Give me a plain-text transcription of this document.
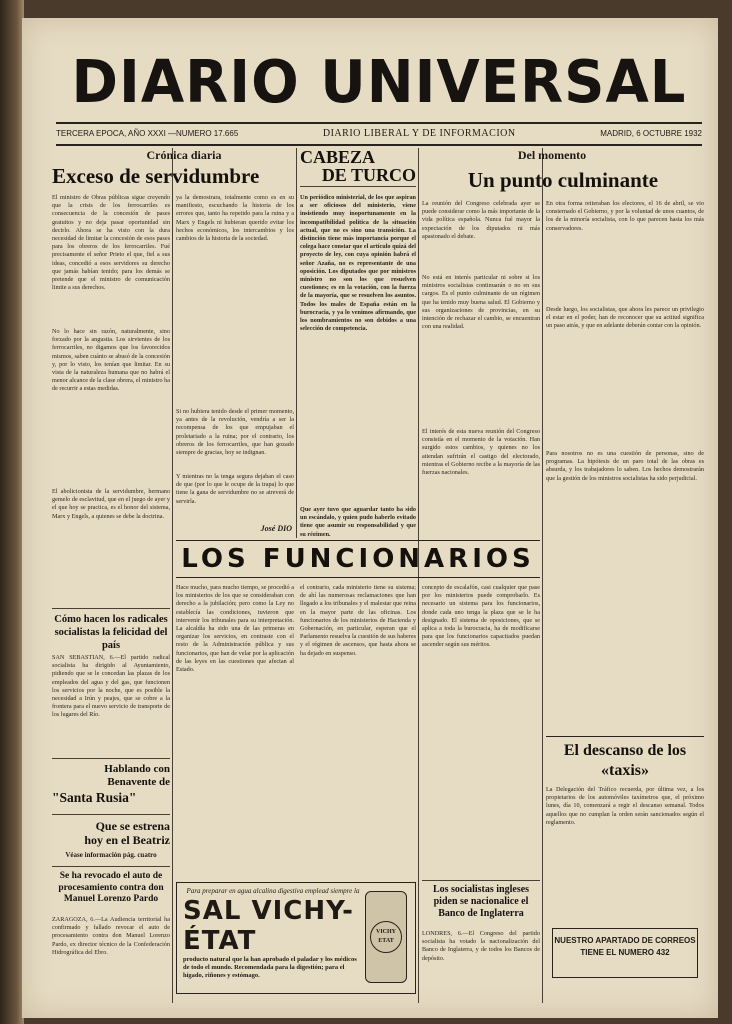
DIARIO UNIVERSAL
TERCERA EPOCA, AÑO XXXI —NUMERO 17.665	DIARIO LIBERAL Y DE INFORMACION	MADRID, 6 OCTUBRE 1932
Crónica diaria
Exceso de servidumbre
El ministro de Obras públicas sigue creyendo que la crisis de los ferrocarriles es consecuencia de la concesión de pases gratuitos y no deja pasar oportunidad sin decirlo. Ahora se ha visto con la dura necesidad de limitar la concesión de esos pases para los obreros de los ferrocarriles. Fué precisamente el señor Prieto el que, fiel a sus ideas, concedió a esos servidores su derecho que jamás habían tenido; para los demás se pretende que el ministro de comunicación limite a sus derechos.
No lo hace sin razón, naturalmente, sino forzado por la angustia. Los sirvientes de los ferrocarriles, no digamos que los favorecidos mismos, saben cuánto se abusó de la concesión y, por lo visto, los tenían que limitar. En su vista de la naturaleza humana que no habrá el menor alcance de la clase obrera, el ministro ha de recurrir a estas medidas.
El abolicionista de la servidumbre, hermano gemelo de esclavitud, que en el juego de ayer y el que hoy se practica, es el honor del sistema, Marx y Engels, a quienes se debe la doctrina.
Cómo hacen los radicales socialistas la felicidad del país
SAN SEBASTIAN, 6.—El partido radical socialista ha dirigido al Ayuntamiento, pidiendo que se le concedan las plazas de los empleados del agua y del gas, que funcionen los servicios por la noche, que es posible la necesidad a Irún y peajes, que se cobre a la frontera para el nuevo servicio de transporte de los lugares del Río.
Hablando con
Benavente de
"Santa Rusia"
Que se estrena
hoy en el Beatriz
Véase información pág. cuatro
Se ha revocado el auto de procesamiento contra don Manuel Lorenzo Pardo
ZARAGOZA, 6.—La Audiencia territorial ha confirmado y fallado revocar el auto de procesamiento contra don Manuel Lorenzo Pardo, ex director técnico de la Confederación Hidrográfica del Ebro.
ya la demostrara, totalmente como es en su manifiesto, escuchando la historia de los errores que, tanto ha repetido para la ruina y a Marx y Engels ni hubieran querido evitar los hechos económicos, los intercambios y los cambios de la historia de la sociedad.
Si no hubiera tenido desde el primer momento, ya antes de la revolución, vendría a ser la recompensa de los que empujaban el proletariado a la ruina; por el contrario, los obreros de los ferrocarriles, que han gozado siempre de gracias, hoy se indignan.
Y mientras no la tenga segura dejaban el caso de que (por lo que le ocupe de la trapa) lo que tiene la gana de servidumbre no se atreverá de servirla.
José DIO
CABEZA
DE TURCO
Un periódico ministerial, de los que aspiran a ser oficiosos del ministerio, viene insistiendo muy inoportunamente en la incompatibilidad política de la situación actual, que no es sino una transición. La distinción tiene más importancia porque el colega hace constar que el artículo quizá del proyecto de ley, con cuya opinión habrá el señor Azaña, no es representante de una oposición. Los diputados que por ministros ministro no son los que resuelven cuestiones; es en la votación, con la fuerza de la mayoría, que se resuelven los asuntos. Todos los males de España están en la burocracia, y ya lo venimos afirmando, que los nombramientos no son debidos a una selección de competencia.
Que ayer tuvo que aguardar tanto ha sido un escándalo, y quien pudo haberlo evitado tiene que asumir su responsabilidad y que su régimen.
Del momento
Un punto culminante
La reunión del Congreso celebrada ayer se puede considerar como la más importante de la vida política española. Nunca fué mayor la expectación de los diputados ni más apasionado el debate.
No está en interés particular ni sobre si los ministros socialistas continuarán o no en sus cargos. Es el punto culminante de un régimen que ha tenido muy buena salud. El Gobierno y sus organizaciones de provincias, en su intención de rechazar el cambio, se encuentran con una realidad.
El interés de esta nueva reunión del Congreso consistía en el momento de la votación. Han surgido estos cambios, y quienes no los atiendan sufrirán el castigo del electorado, mientras el Gobierno recibe a la mayoría de las fuerzas nacionales.
En otra forma reiteraban los electores, el 16 de abril, se vio consternado el Gobierno, y por la voluntad de unos cuantos, de los de la minoría socialista, con lo que parecen hasta los más conservadores.
Desde luego, los socialistas, que ahora les parece un privilegio el estar en el poder, han de reconocer que su actitud significa un paso atrás, y que en adelante deberán contar con la opinión.
Para nosotros no es una cuestión de personas, sino de programas. La hipótesis de un paro total de las obras es absurda, y los trabajadores lo saben. Los hechos demostrarán que la gestión de los ministros socialistas ha sido perjudicial.
El descanso de los «taxis»
La Delegación del Tráfico recuerda, por última vez, a los propietarios de los automóviles taxímetros que, el próximo lunes, día 10, comenzará a regir el descanso semanal. Todos aquellos que no cumplan la orden serán sancionados según el reglamento.
NUESTRO APARTADO DE CORREOS TIENE EL NUMERO 432
LOS FUNCIONARIOS
Hace mucho, para mucho tiempo, se procedió a los ministerios de los que se consideraban con derecho a la jubilación; pero como la Ley no establecía las condiciones, tuvieron que intervenir los tribunales para su interpretación. La alcaldía ha sido una de las primeras en organizar los servicios, en contraste con el resto de la Administración pública y sus funcionarios, que han de velar por la aplicación de las leyes en las cuestiones que afectan al Estado.
el contrario, cada ministerio tiene su sistema; de ahí las numerosas reclamaciones que han llegado a los tribunales y el malestar que reina en la mayor parte de las oficinas. Los funcionarios de los ministerios de Hacienda y Gobernación, en particular, esperan que el Parlamento resuelva la cuestión de sus haberes y el régimen de ascensos, que hasta ahora se ha dejado en suspenso.
concepto de escalafón, casi cualquier que pase por los ministerios puede comprobarlo. Es necesario un sistema para los funcionarios, donde cada uno tenga la plaza que se le ha designado. El sistema de oposiciones, que se aplica a toda la burocracia, ha de modificarse para que los funcionarios capacitados puedan ascender según sus méritos.
Los socialistas ingleses piden se nacionalice el Banco de Inglaterra
LONDRES, 6.—El Congreso del partido socialista ha votado la nacionalización del Banco de Inglaterra, y de todos los Bancos de depósito.
Para preparar en agua alcalina digestiva emplead siempre la
SAL VICHY-ÉTAT
producto natural que la han aprobado el paladar y los médicos de todo el mundo. Recomendada para la digestión; para el hígado, riñones y estómago.
VICHY ETAT
